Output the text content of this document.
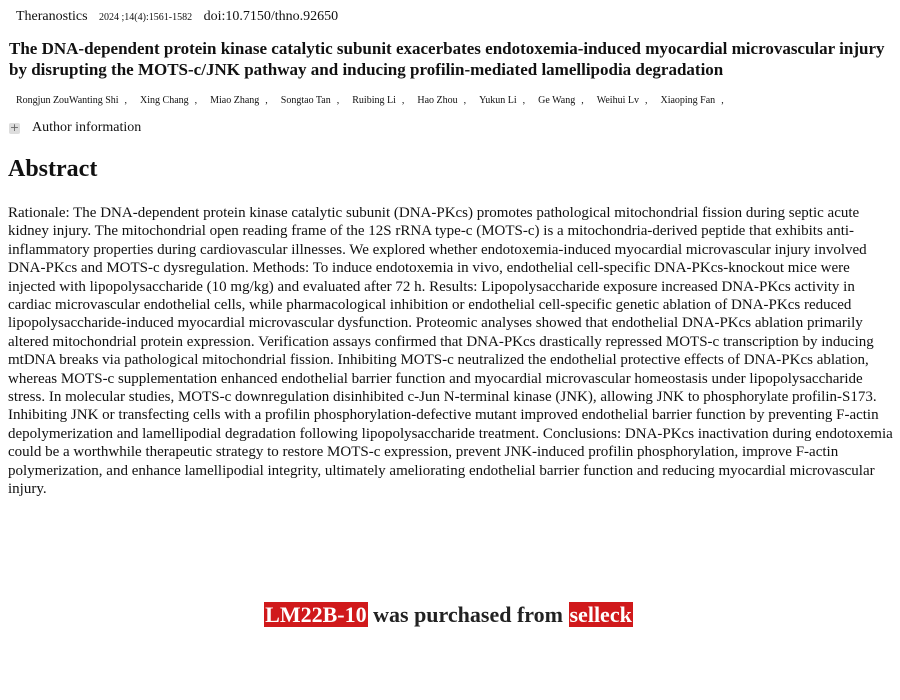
Theranostics 2024 ;14(4):1561-1582 doi:10.7150/thno.92650
The DNA-dependent protein kinase catalytic subunit exacerbates endotoxemia-induced myocardial microvascular injury by disrupting the MOTS-c/JNK pathway and inducing profilin-mediated lamellipodia degradation
Rongjun ZouWanting Shi , Xing Chang , Miao Zhang , Songtao Tan , Ruibing Li , Hao Zhou , Yukun Li , Ge Wang , Weihui Lv , Xiaoping Fan ,
+ Author information
Abstract

Rationale: The DNA-dependent protein kinase catalytic subunit (DNA-PKcs) promotes pathological mitochondrial fission during septic acute kidney injury. The mitochondrial open reading frame of the 12S rRNA type-c (MOTS-c) is a mitochondria-derived peptide that exhibits anti-inflammatory properties during cardiovascular illnesses. We explored whether endotoxemia-induced myocardial microvascular injury involved DNA-PKcs and MOTS-c dysregulation. Methods: To induce endotoxemia in vivo, endothelial cell-specific DNA-PKcs-knockout mice were injected with lipopolysaccharide (10 mg/kg) and evaluated after 72 h. Results: Lipopolysaccharide exposure increased DNA-PKcs activity in cardiac microvascular endothelial cells, while pharmacological inhibition or endothelial cell-specific genetic ablation of DNA-PKcs reduced lipopolysaccharide-induced myocardial microvascular dysfunction. Proteomic analyses showed that endothelial DNA-PKcs ablation primarily altered mitochondrial protein expression. Verification assays confirmed that DNA-PKcs drastically repressed MOTS-c transcription by inducing mtDNA breaks via pathological mitochondrial fission. Inhibiting MOTS-c neutralized the endothelial protective effects of DNA-PKcs ablation, whereas MOTS-c supplementation enhanced endothelial barrier function and myocardial microvascular homeostasis under lipopolysaccharide stress. In molecular studies, MOTS-c downregulation disinhibited c-Jun N-terminal kinase (JNK), allowing JNK to phosphorylate profilin-S173. Inhibiting JNK or transfecting cells with a profilin phosphorylation-defective mutant improved endothelial barrier function by preventing F-actin depolymerization and lamellipodial degradation following lipopolysaccharide treatment. Conclusions: DNA-PKcs inactivation during endotoxemia could be a worthwhile therapeutic strategy to restore MOTS-c expression, prevent JNK-induced profilin phosphorylation, improve F-actin polymerization, and enhance lamellipodial integrity, ultimately ameliorating endothelial barrier function and reducing myocardial microvascular injury.

LM22B-10 was purchased from selleck
